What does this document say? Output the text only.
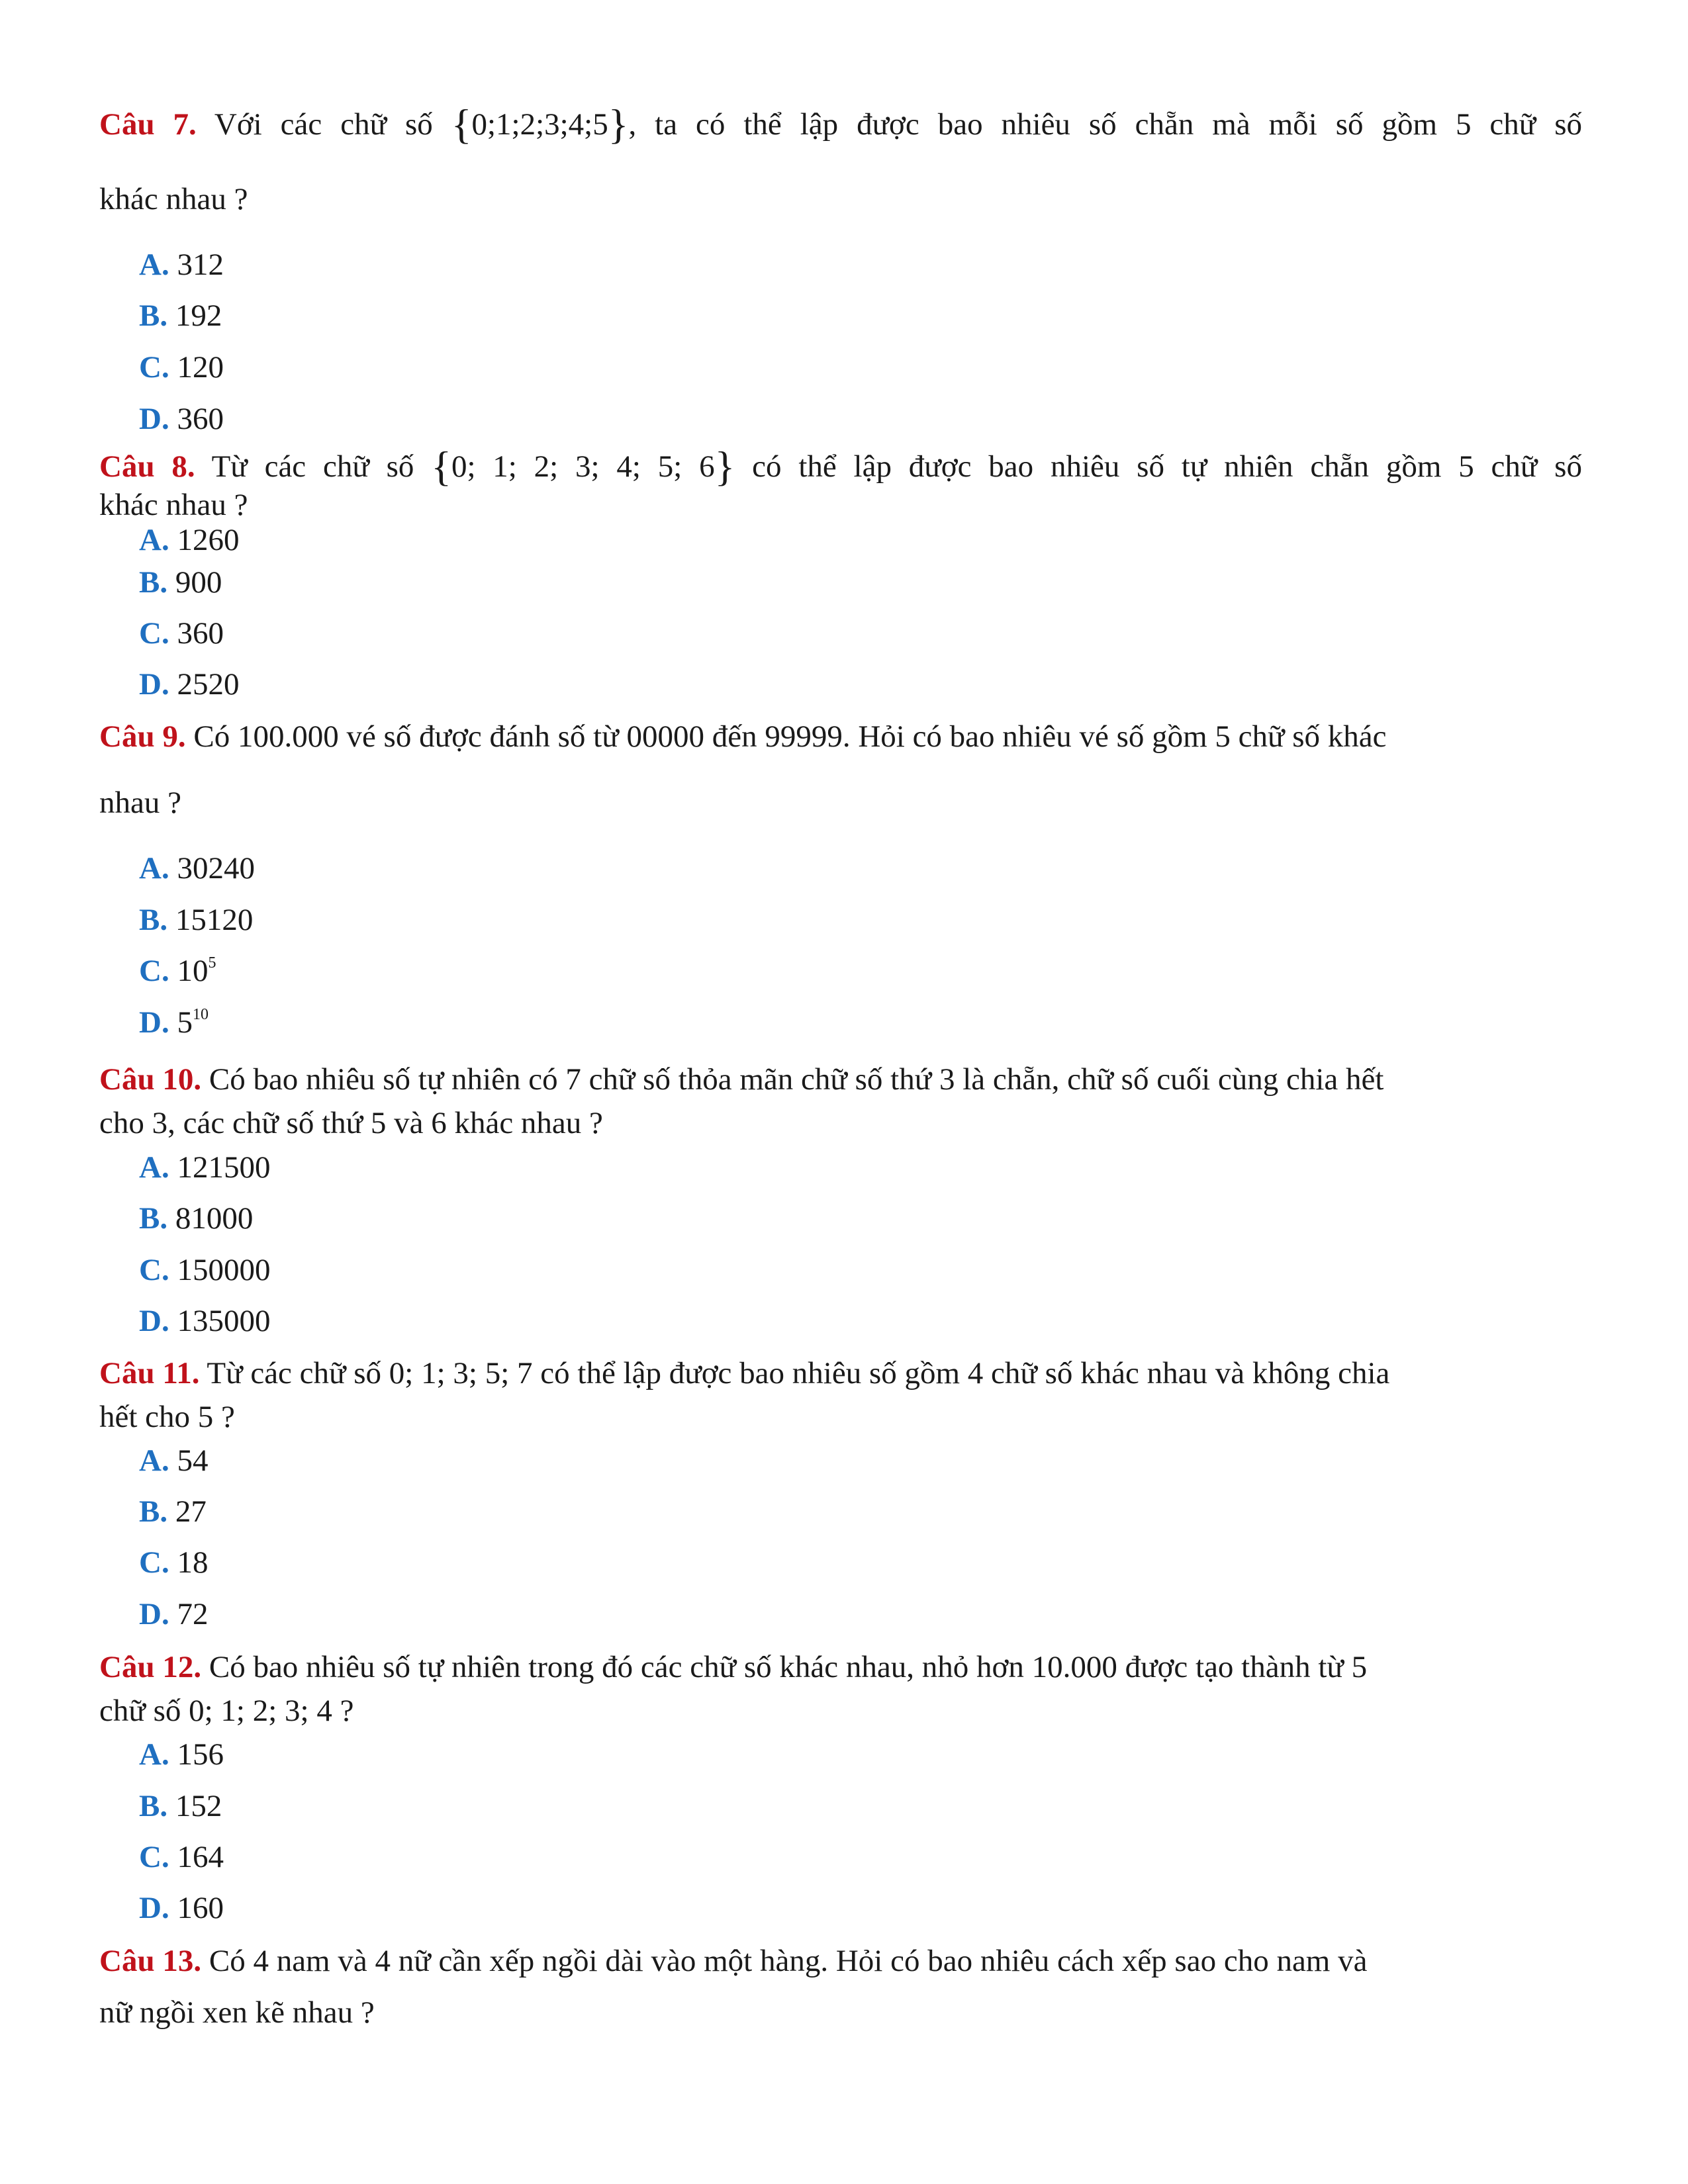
Câu 7. Với các chữ số {0;1;2;3;4;5}, ta có thể lập được bao nhiêu số chẵn mà mỗi số gồm 5 chữ số
khác nhau ?
A. 312
B. 192
C. 120
D. 360
Câu 8. Từ các chữ số {0; 1; 2; 3; 4; 5; 6} có thể lập được bao nhiêu số tự nhiên chẵn gồm 5 chữ số
khác nhau ?
A. 1260
B. 900
C. 360
D. 2520
Câu 9. Có 100.000 vé số được đánh số từ 00000 đến 99999. Hỏi có bao nhiêu vé số gồm 5 chữ số khác
nhau ?
A. 30240
B. 15120
C. $10^5$
D. $5^{10}$
Câu 10. Có bao nhiêu số tự nhiên có 7 chữ số thỏa mãn chữ số thứ 3 là chẵn, chữ số cuối cùng chia hết
cho 3, các chữ số thứ 5 và 6 khác nhau ?
A. 121500
B. 81000
C. 150000
D. 135000
Câu 11. Từ các chữ số 0; 1; 3; 5; 7 có thể lập được bao nhiêu số gồm 4 chữ số khác nhau và không chia
hết cho 5 ?
A. 54
B. 27
C. 18
D. 72
Câu 12. Có bao nhiêu số tự nhiên trong đó các chữ số khác nhau, nhỏ hơn 10.000 được tạo thành từ 5
chữ số 0; 1; 2; 3; 4 ?
A. 156
B. 152
C. 164
D. 160
Câu 13. Có 4 nam và 4 nữ cần xếp ngồi dài vào một hàng. Hỏi có bao nhiêu cách xếp sao cho nam và
nữ ngồi xen kẽ nhau ?
